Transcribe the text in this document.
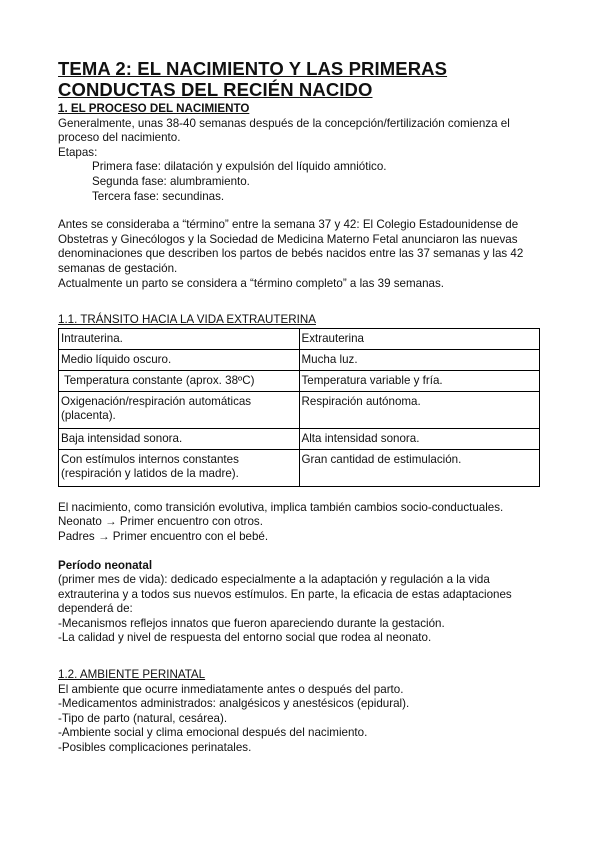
TEMA 2: EL NACIMIENTO Y LAS PRIMERAS
CONDUCTAS DEL RECIÉN NACIDO
1. EL PROCESO DEL NACIMIENTO

Generalmente, unas 38-40 semanas después de la concepción/fertilización comienza el proceso del nacimiento.

Etapas:

Primera fase: dilatación y expulsión del líquido amniótico.

Segunda fase: alumbramiento.

Tercera fase: secundinas.

Antes se consideraba a “término” entre la semana 37 y 42: El Colegio Estadounidense de Obstetras y Ginecólogos y la Sociedad de Medicina Materno Fetal anunciaron las nuevas denominaciones que describen los partos de bebés nacidos entre las 37 semanas y las 42 semanas de gestación.

Actualmente un parto se considera a “término completo” a las 39 semanas.

1.1. TRÁNSITO HACIA LA VIDA EXTRAUTERINA
Intrauterina.	Extrauterina
Medio líquido oscuro.	Mucha luz.
Temperatura constante (aprox. 38ºC)	Temperatura variable y fría.
Oxigenación/respiración automáticas (placenta).	Respiración autónoma.
Baja intensidad sonora.	Alta intensidad sonora.
Con estímulos internos constantes (respiración y latidos de la madre).	Gran cantidad de estimulación.

El nacimiento, como transición evolutiva, implica también cambios socio-conductuales.

Neonato → Primer encuentro con otros.

Padres → Primer encuentro con el bebé.

Período neonatal

(primer mes de vida): dedicado especialmente a la adaptación y regulación a la vida extrauterina y a todos sus nuevos estímulos. En parte, la eficacia de estas adaptaciones dependerá de:

-Mecanismos reflejos innatos que fueron apareciendo durante la gestación.

-La calidad y nivel de respuesta del entorno social que rodea al neonato.

1.2. AMBIENTE PERINATAL

El ambiente que ocurre inmediatamente antes o después del parto.

-Medicamentos administrados: analgésicos y anestésicos (epidural).

-Tipo de parto (natural, cesárea).

-Ambiente social y clima emocional después del nacimiento.

-Posibles complicaciones perinatales.
